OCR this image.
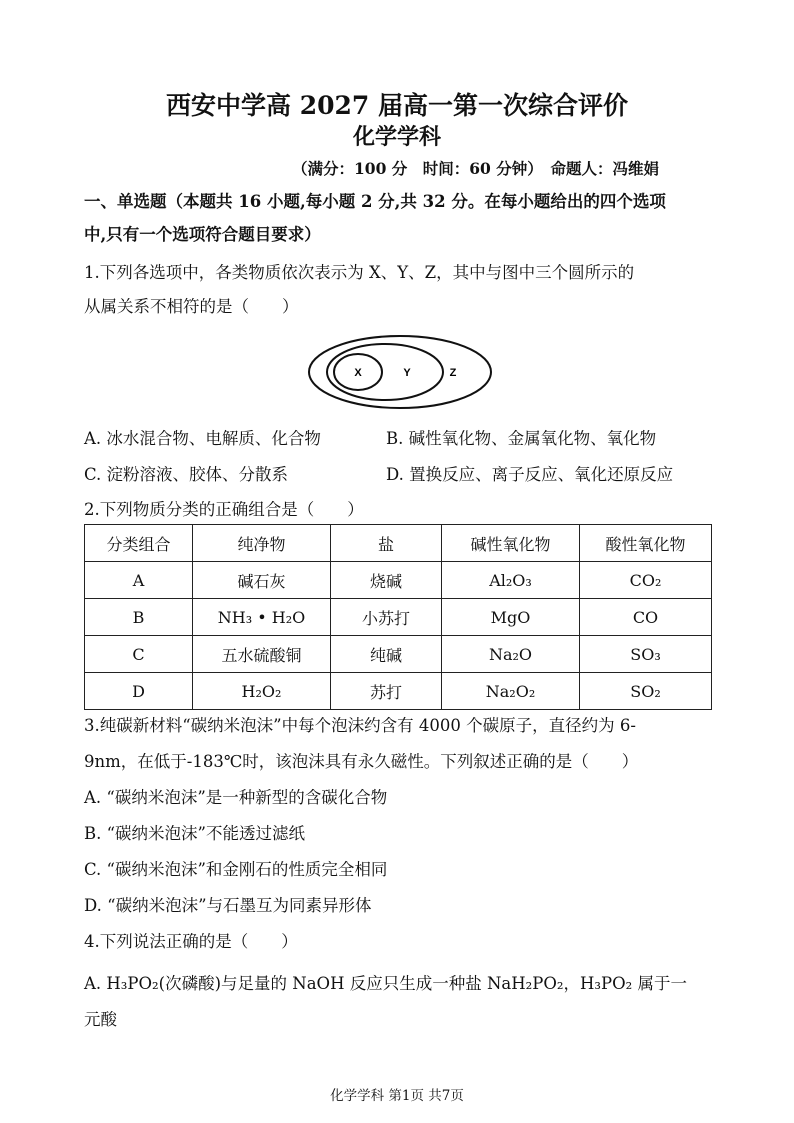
西安中学高 2027 届高一第一次综合评价
化学学科
（满分：100 分　时间：60 分钟）　命题人：冯维娟
一、单选题（本题共 16 小题,每小题 2 分,共 32 分。在每小题给出的四个选项
中,只有一个选项符合题目要求）
1.下列各选项中，各类物质依次表示为 X、Y、Z，其中与图中三个圆所示的
从属关系不相符的是（　　）
X	Y	Z
A. 冰水混合物、电解质、化合物	B. 碱性氧化物、金属氧化物、氧化物
C. 淀粉溶液、胶体、分散系	D. 置换反应、离子反应、氧化还原反应
2.下列物质分类的正确组合是（　　）
分类组合	纯净物	盐	碱性氧化物	酸性氧化物
A	碱石灰	烧碱	Al₂O₃	CO₂
B	NH₃ • H₂O	小苏打	MgO	CO
C	五水硫酸铜	纯碱	Na₂O	SO₃
D	H₂O₂	苏打	Na₂O₂	SO₂
3.纯碳新材料“碳纳米泡沫”中每个泡沫约含有 4000 个碳原子，直径约为 6-
9nm，在低于-183℃时，该泡沫具有永久磁性。下列叙述正确的是（　　）
A. “碳纳米泡沫”是一种新型的含碳化合物
B. “碳纳米泡沫”不能透过滤纸
C. “碳纳米泡沫”和金刚石的性质完全相同
D. “碳纳米泡沫”与石墨互为同素异形体
4.下列说法正确的是（　　）
A. H₃PO₂(次磷酸)与足量的 NaOH 反应只生成一种盐 NaH₂PO₂，H₃PO₂ 属于一
元酸
化学学科 第1页 共7页
